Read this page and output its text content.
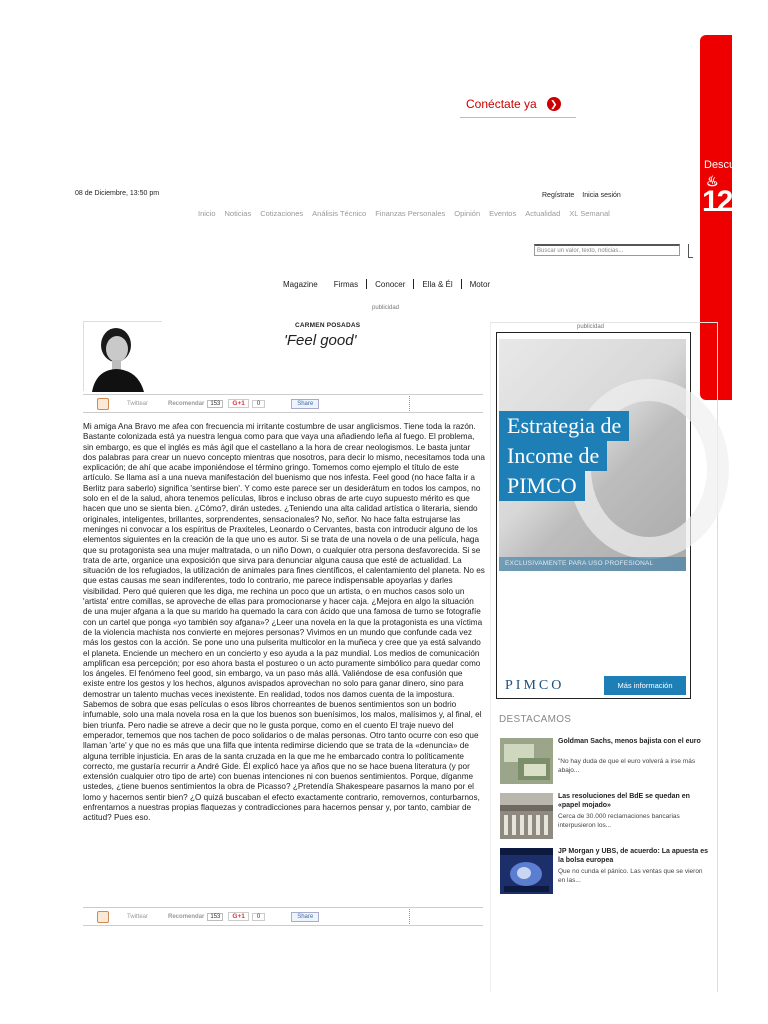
Conéctate ya	❯
Descu
♨
12
08 de Diciembre, 13:50 pm	Regístrate Inicia sesión
Inicio Noticias Cotizaciones Análisis Técnico Finanzas Personales Opinión Eventos Actualidad XL Semanal
Buscar un valor, texto, noticias...
Magazine	Firmas	Conocer	Ella & Él	Motor
publicidad
CARMEN POSADAS
'Feel good'
Twittear	Recomendar	153	G+1	0	Share

Mi amiga Ana Bravo me afea con frecuencia mi irritante costumbre de usar anglicismos. Tiene toda la razón. Bastante colonizada está ya nuestra lengua como para que vaya una añadiendo leña al fuego. El problema, sin embargo, es que el inglés es más ágil que el castellano a la hora de crear neologismos. Le basta juntar dos palabras para crear un nuevo concepto mientras que nosotros, para decir lo mismo, necesitamos toda una explicación; de ahí que acabe imponiéndose el término gringo. Tomemos como ejemplo el título de este artículo. Se llama así a una nueva manifestación del buenismo que nos infesta. Feel good (no hace falta ir a Berlitz para saberlo) significa 'sentirse bien'. Y como este parece ser un desiderátum en todos los campos, no solo en el de la salud, ahora tenemos películas, libros e incluso obras de arte cuyo supuesto mérito es que hacen que uno se sienta bien. ¿Cómo?, dirán ustedes. ¿Teniendo una alta calidad artística o literaria, siendo originales, inteligentes, brillantes, sorprendentes, sensacionales? No, señor. No hace falta estrujarse las meninges ni convocar a los espíritus de Praxiteles, Leonardo o Cervantes, basta con introducir alguno de los elementos siguientes en la creación de la que uno es autor. Si se trata de una novela o de una película, haga que su protagonista sea una mujer maltratada, o un niño Down, o cualquier otra persona desfavorecida. Si se trata de arte, organice una exposición que sirva para denunciar alguna causa que esté de actualidad. La situación de los refugiados, la utilización de animales para fines científicos, el calentamiento del planeta. No es que estas causas me sean indiferentes, todo lo contrario, me parece indispensable apoyarlas y darles visibilidad. Pero qué quieren que les diga, me rechina un poco que un artista, o en muchos casos solo un 'artista' entre comillas, se aproveche de ellas para promocionarse y hacer caja. ¿Mejora en algo la situación de una mujer afgana a la que su marido ha quemado la cara con ácido que una famosa de turno se fotografíe con un cartel que ponga «yo también soy afgana»? ¿Leer una novela en la que la protagonista es una víctima de la violencia machista nos convierte en mejores personas? Vivimos en un mundo que confunde cada vez más los gestos con la acción. Se pone uno una pulserita multicolor en la muñeca y cree que ya está salvando el planeta. Enciende un mechero en un concierto y eso ayuda a la paz mundial. Los medios de comunicación amplifican esa percepción; por eso ahora basta el postureo o un acto puramente simbólico para quedar como los ángeles. El fenómeno feel good, sin embargo, va un paso más allá. Valiéndose de esa confusión que existe entre los gestos y los hechos, algunos avispados aprovechan no solo para ganar dinero, sino para demostrar un talento muchas veces inexistente. En realidad, todos nos damos cuenta de la impostura. Sabemos de sobra que esas películas o esos libros chorreantes de buenos sentimientos son un bodrio infumable, solo una mala novela rosa en la que los buenos son buenísimos, los malos, malísimos y, al final, el bien triunfa. Pero nadie se atreve a decir que no le gusta porque, como en el cuento El traje nuevo del emperador, tememos que nos tachen de poco solidarios o de malas personas. Otro tanto ocurre con eso que llaman 'arte' y que no es más que una filfa que intenta redimirse diciendo que se trata de la «denuncia» de alguna terrible injusticia. En aras de la santa cruzada en la que me he embarcado contra lo políticamente correcto, me gustaría recurrir a André Gide. Él explicó hace ya años que no se hace buena literatura (y por extensión cualquier otro tipo de arte) con buenas intenciones ni con buenos sentimientos. Porque, díganme ustedes, ¿tiene buenos sentimientos la obra de Picasso? ¿Pretendía Shakespeare pasarnos la mano por el lomo y hacernos sentir bien? ¿O quizá buscaban el efecto exactamente contrario, removernos, conturbarnos, enfrentarnos a nuestras propias flaquezas y contradicciones para hacernos pensar y, por tanto, cambiar de actitud? Pues eso.

Twittear	Recomendar	153	G+1	0	Share
publicidad
Estrategia de
Income de
PIMCO
EXCLUSIVAMENTE PARA USO PROFESIONAL
PIMCO	Más información
DESTACAMOS
Goldman Sachs, menos bajista con el euro
"No hay duda de que el euro volverá a irse más abajo...
Las resoluciones del BdE se quedan en «papel mojado»
Cerca de 30.000 reclamaciones bancarias interpusieron los...
JP Morgan y UBS, de acuerdo: La apuesta es la bolsa europea
Que no cunda el pánico. Las ventas que se vieron en las...
